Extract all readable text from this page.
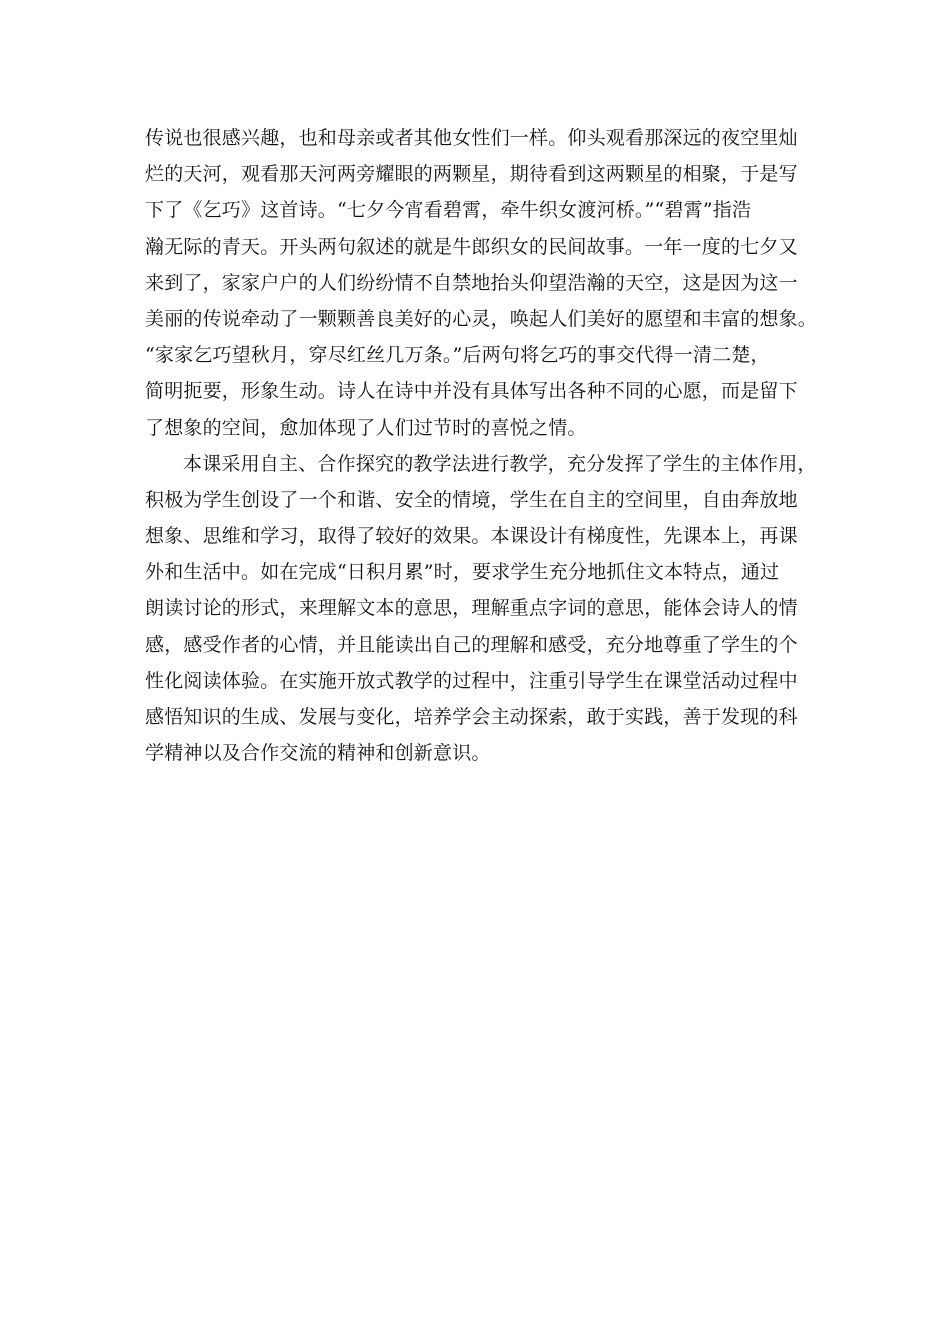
传说也很感兴趣，也和母亲或者其他女性们一样。仰头观看那深远的夜空里灿
烂的天河，观看那天河两旁耀眼的两颗星，期待看到这两颗星的相聚，于是写
下了《乞巧》这首诗。“七夕今宵看碧霄，牵牛织女渡河桥。”“碧霄”指浩
瀚无际的青天。开头两句叙述的就是牛郎织女的民间故事。一年一度的七夕又
来到了，家家户户的人们纷纷情不自禁地抬头仰望浩瀚的天空，这是因为这一
美丽的传说牵动了一颗颗善良美好的心灵，唤起人们美好的愿望和丰富的想象。
“家家乞巧望秋月，穿尽红丝几万条。”后两句将乞巧的事交代得一清二楚，
简明扼要，形象生动。诗人在诗中并没有具体写出各种不同的心愿，而是留下
了想象的空间，愈加体现了人们过节时的喜悦之情。
本课采用自主、合作探究的教学法进行教学，充分发挥了学生的主体作用，
积极为学生创设了一个和谐、安全的情境，学生在自主的空间里，自由奔放地
想象、思维和学习，取得了较好的效果。本课设计有梯度性，先课本上，再课
外和生活中。如在完成“日积月累”时，要求学生充分地抓住文本特点，通过
朗读讨论的形式，来理解文本的意思，理解重点字词的意思，能体会诗人的情
感，感受作者的心情，并且能读出自己的理解和感受，充分地尊重了学生的个
性化阅读体验。在实施开放式教学的过程中，注重引导学生在课堂活动过程中
感悟知识的生成、发展与变化，培养学会主动探索，敢于实践，善于发现的科
学精神以及合作交流的精神和创新意识。
